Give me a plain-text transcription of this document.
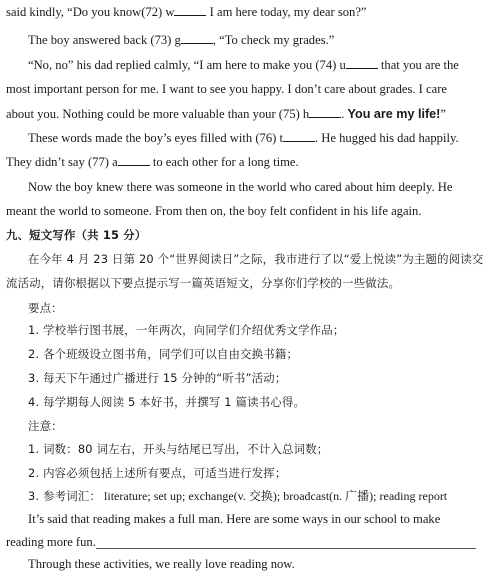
said kindly, “Do you know(72) w	I am here today, my dear son?”
The boy answered back (73) g	, “To check my grades.”
“No, no” his dad replied calmly, “I am here to make you (74) u	that you are the
most important person for me. I want to see you happy. I don’t care about grades. I care
about you. Nothing could be more valuable than your (75) h	. You are my life!”
These words made the boy’s eyes filled with (76) t	. He hugged his dad happily.
They didn’t say (77) a	to each other for a long time.
Now the boy knew there was someone in the world who cared about him deeply. He
meant the world to someone. From then on, the boy felt confident in his life again.
九、短文写作（共 15 分）
在今年 4 月 23 日第 20 个“世界阅读日”之际，我市进行了以“爱上悦读”为主题的阅读交
流活动，请你根据以下要点提示写一篇英语短文，分享你们学校的一些做法。
要点：
1. 学校举行图书展，一年两次，向同学们介绍优秀文学作品；
2. 各个班级设立图书角，同学们可以自由交换书籍；
3. 每天下午通过广播进行 15 分钟的“听书”活动；
4. 每学期每人阅读 5 本好书，并撰写 1 篇读书心得。
注意：
1. 词数：80 词左右，开头与结尾已写出，不计入总词数；
2. 内容必须包括上述所有要点，可适当进行发挥；
3. 参考词汇： literature; set up; exchange(v. 交换); broadcast(n. 广播); reading report
It’s said that reading makes a full man. Here are some ways in our school to make
reading more fun.
Through these activities, we really love reading now.
